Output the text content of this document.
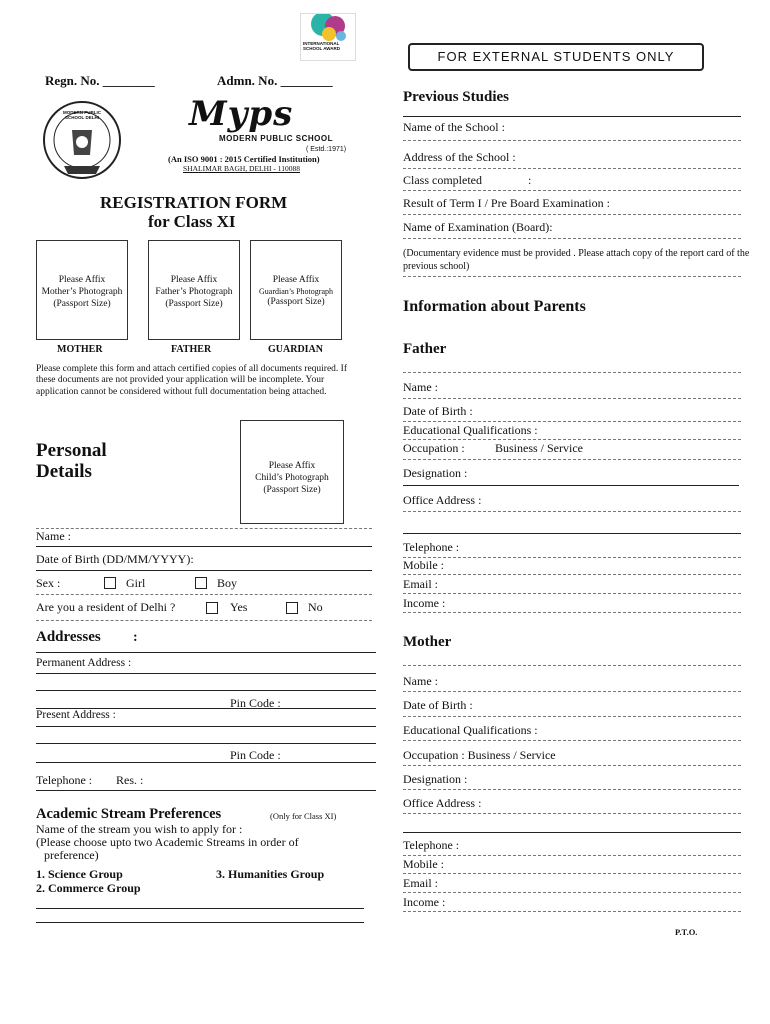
INTERNATIONAL SCHOOL AWARD
FOR EXTERNAL STUDENTS ONLY
Regn. No. ________	Admn. No. ________
MODERN PUBLIC SCHOOL DELHI	Myps
MODERN PUBLIC SCHOOL
( Estd.:1971)
(An ISO 9001 : 2015 Certified Institution)
SHALIMAR BAGH, DELHI - 110088
REGISTRATION FORM
for Class XI
Please Affix
Mother’s Photograph
(Passport Size)
Please Affix
Father’s Photograph
(Passport Size)
Please Affix
Guardian’s Photograph
(Passport Size)
MOTHER	FATHER	GUARDIAN
Please complete this form and attach certified copies of all documents required. If these documents are not provided your application will be incomplete. Your application cannot be considered without full documentation being attached.
Personal
Details	Please Affix
Child’s Photograph
(Passport Size)
Name :
Date of Birth (DD/MM/YYYY):
Sex :	Girl	Boy
Are you a resident of Delhi ?	Yes	No
Addresses :
Permanent Address :
Pin Code :
Present Address :
Pin Code :
Telephone : Res. :
Academic Stream Preferences	(Only for Class XI)
Name of the stream you wish to apply for :
(Please choose upto two Academic Streams in order of
preference)
1. Science Group
2. Commerce Group
3. Humanities Group
Previous Studies
Name of the School :
Address of the School :
Class completed	:
Result of Term I / Pre Board Examination :
Name of Examination (Board):
(Documentary evidence must be provided . Please attach copy of the report card of the previous school)
Information about Parents
Father
Name :
Date of Birth :
Educational Qualifications :
Occupation :	Business / Service
Designation :
Office Address :
Telephone :
Mobile :
Email :
Income :
Mother
Name :
Date of Birth :
Educational Qualifications :
Occupation : Business / Service
Designation :
Office Address :
Telephone :
Mobile :
Email :
Income :
P.T.O.
